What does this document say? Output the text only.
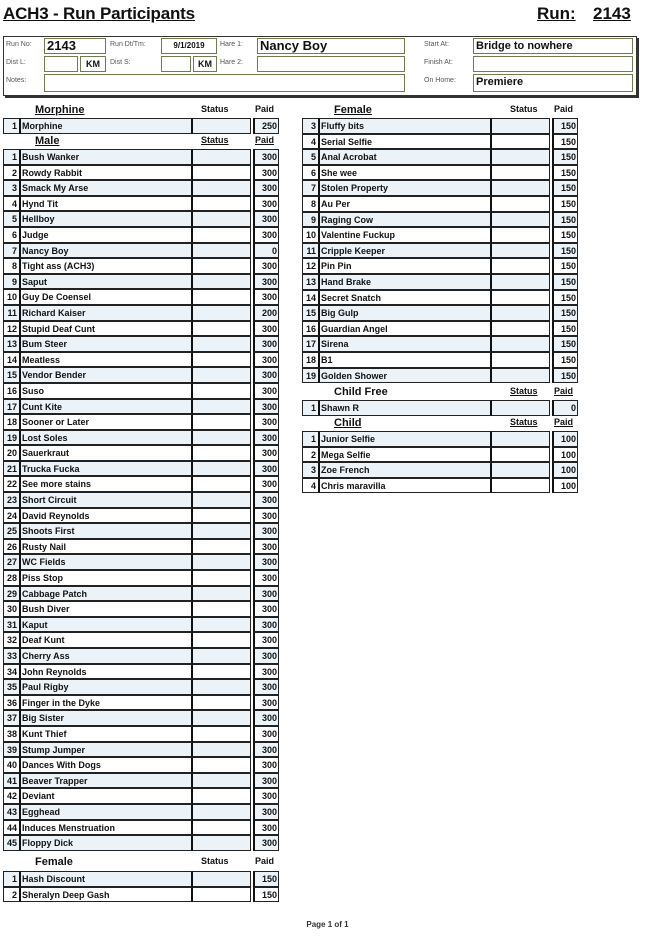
ACH3 - Run Participants	Run: 2143
Run No: 2143	Run Dt/Tm:	9/1/2019	Hare 1: Nancy Boy	Start At: Bridge to nowhere
Dist L:	KM	Dist S:	KM	Hare 2:	Finish At:
Notes:	On Home: Premiere
Morphine	Status	Paid
1 Morphine	250
Male	Status	Paid
1 Bush Wanker	300
2 Rowdy Rabbit	300
3 Smack My Arse	300
4 Hynd Tit	300
5 Hellboy	300
6 Judge	300
7 Nancy Boy	0
8 Tight ass (ACH3)	300
9 Saput	300
10 Guy De Coensel	300
11 Richard Kaiser	200
12 Stupid Deaf Cunt	300
13 Bum Steer	300
14 Meatless	300
15 Vendor Bender	300
16 Suso	300
17 Cunt Kite	300
18 Sooner or Later	300
19 Lost Soles	300
20 Sauerkraut	300
21 Trucka Fucka	300
22 See more stains	300
23 Short Circuit	300
24 David Reynolds	300
25 Shoots First	300
26 Rusty Nail	300
27 WC Fields	300
28 Piss Stop	300
29 Cabbage Patch	300
30 Bush Diver	300
31 Kaput	300
32 Deaf Kunt	300
33 Cherry Ass	300
34 John Reynolds	300
35 Paul Rigby	300
36 Finger in the Dyke	300
37 Big Sister	300
38 Kunt Thief	300
39 Stump Jumper	300
40 Dances With Dogs	300
41 Beaver Trapper	300
42 Deviant	300
43 Egghead	300
44 Induces Menstruation	300
45 Floppy Dick	300
Female	Status	Paid
1 Hash Discount	150
2 Sheralyn Deep Gash	150
Female	Status Paid
3 Fluffy bits	150
4 Serial Selfie	150
5 Anal Acrobat	150
6 She wee	150
7 Stolen Property	150
8 Au Per	150
9 Raging Cow	150
10 Valentine Fuckup	150
11 Cripple Keeper	150
12 Pin Pin	150
13 Hand Brake	150
14 Secret Snatch	150
15 Big Gulp	150
16 Guardian Angel	150
17 Sirena	150
18 B1	150
19 Golden Shower	150
Child Free	Status Paid
1 Shawn R	0
Child	Status Paid
1 Junior Selfie	100
2 Mega Selfie	100
3 Zoe French	100
4 Chris maravilla	100
Page 1 of 1
